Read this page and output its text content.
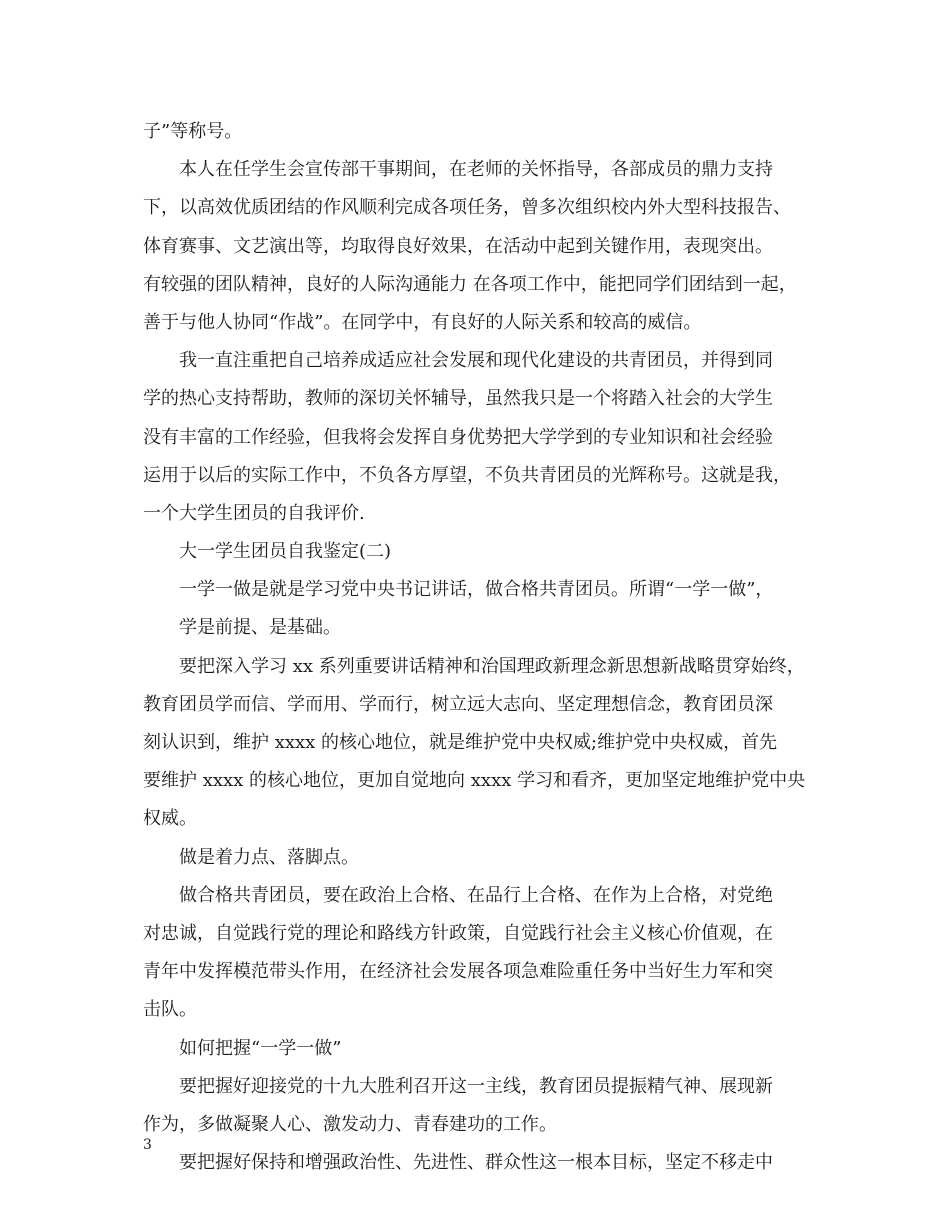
子”等称号。
本人在任学生会宣传部干事期间，在老师的关怀指导，各部成员的鼎力支持
下，以高效优质团结的作风顺利完成各项任务，曾多次组织校内外大型科技报告、
体育赛事、文艺演出等，均取得良好效果，在活动中起到关键作用，表现突出。
有较强的团队精神，良好的人际沟通能力 在各项工作中，能把同学们团结到一起，
善于与他人协同“作战”。在同学中，有良好的人际关系和较高的威信。
我一直注重把自己培养成适应社会发展和现代化建设的共青团员，并得到同
学的热心支持帮助，教师的深切关怀辅导，虽然我只是一个将踏入社会的大学生
没有丰富的工作经验，但我将会发挥自身优势把大学学到的专业知识和社会经验
运用于以后的实际工作中，不负各方厚望，不负共青团员的光辉称号。这就是我，
一个大学生团员的自我评价.
大一学生团员自我鉴定(二)
一学一做是就是学习党中央书记讲话，做合格共青团员。所谓“一学一做”，
学是前提、是基础。
要把深入学习 xx 系列重要讲话精神和治国理政新理念新思想新战略贯穿始终，
教育团员学而信、学而用、学而行，树立远大志向、坚定理想信念，教育团员深
刻认识到，维护 xxxx 的核心地位，就是维护党中央权威;维护党中央权威，首先
要维护 xxxx 的核心地位，更加自觉地向 xxxx 学习和看齐，更加坚定地维护党中央
权威。
做是着力点、落脚点。
做合格共青团员，要在政治上合格、在品行上合格、在作为上合格，对党绝
对忠诚，自觉践行党的理论和路线方针政策，自觉践行社会主义核心价值观，在
青年中发挥模范带头作用，在经济社会发展各项急难险重任务中当好生力军和突
击队。
如何把握“一学一做”
要把握好迎接党的十九大胜利召开这一主线，教育团员提振精气神、展现新
作为，多做凝聚人心、激发动力、青春建功的工作。
要把握好保持和增强政治性、先进性、群众性这一根本目标，坚定不移走中
3
